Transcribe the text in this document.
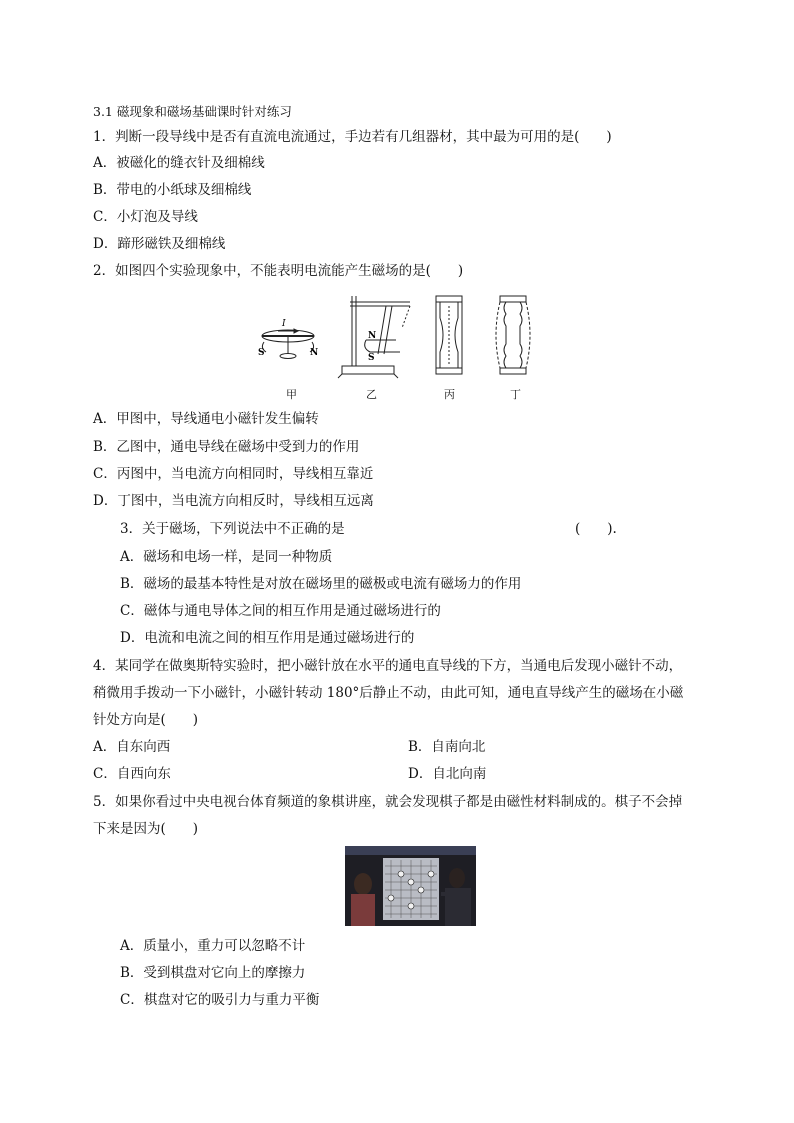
3.1 磁现象和磁场基础课时针对练习
1．判断一段导线中是否有直流电流通过，手边若有几组器材，其中最为可用的是(　　)
A．被磁化的缝衣针及细棉线
B．带电的小纸球及细棉线
C．小灯泡及导线
D．蹄形磁铁及细棉线
2．如图四个实验现象中，不能表明电流能产生磁场的是(　　)
I
S	N
N
S
甲	乙	丙	丁
A．甲图中，导线通电小磁针发生偏转
B．乙图中，通电导线在磁场中受到力的作用
C．丙图中，当电流方向相同时，导线相互靠近
D．丁图中，当电流方向相反时，导线相互远离
3．关于磁场，下列说法中不正确的是	(　　).
A．磁场和电场一样，是同一种物质
B．磁场的最基本特性是对放在磁场里的磁极或电流有磁场力的作用
C．磁体与通电导体之间的相互作用是通过磁场进行的
D．电流和电流之间的相互作用是通过磁场进行的
4．某同学在做奥斯特实验时，把小磁针放在水平的通电直导线的下方，当通电后发现小磁针不动，
稍微用手拨动一下小磁针，小磁针转动 180°后静止不动，由此可知，通电直导线产生的磁场在小磁
针处方向是(　　)
A．自东向西	B．自南向北
C．自西向东	D．自北向南
5．如果你看过中央电视台体育频道的象棋讲座，就会发现棋子都是由磁性材料制成的。棋子不会掉
下来是因为(　　)
A．质量小，重力可以忽略不计
B．受到棋盘对它向上的摩擦力
C．棋盘对它的吸引力与重力平衡
